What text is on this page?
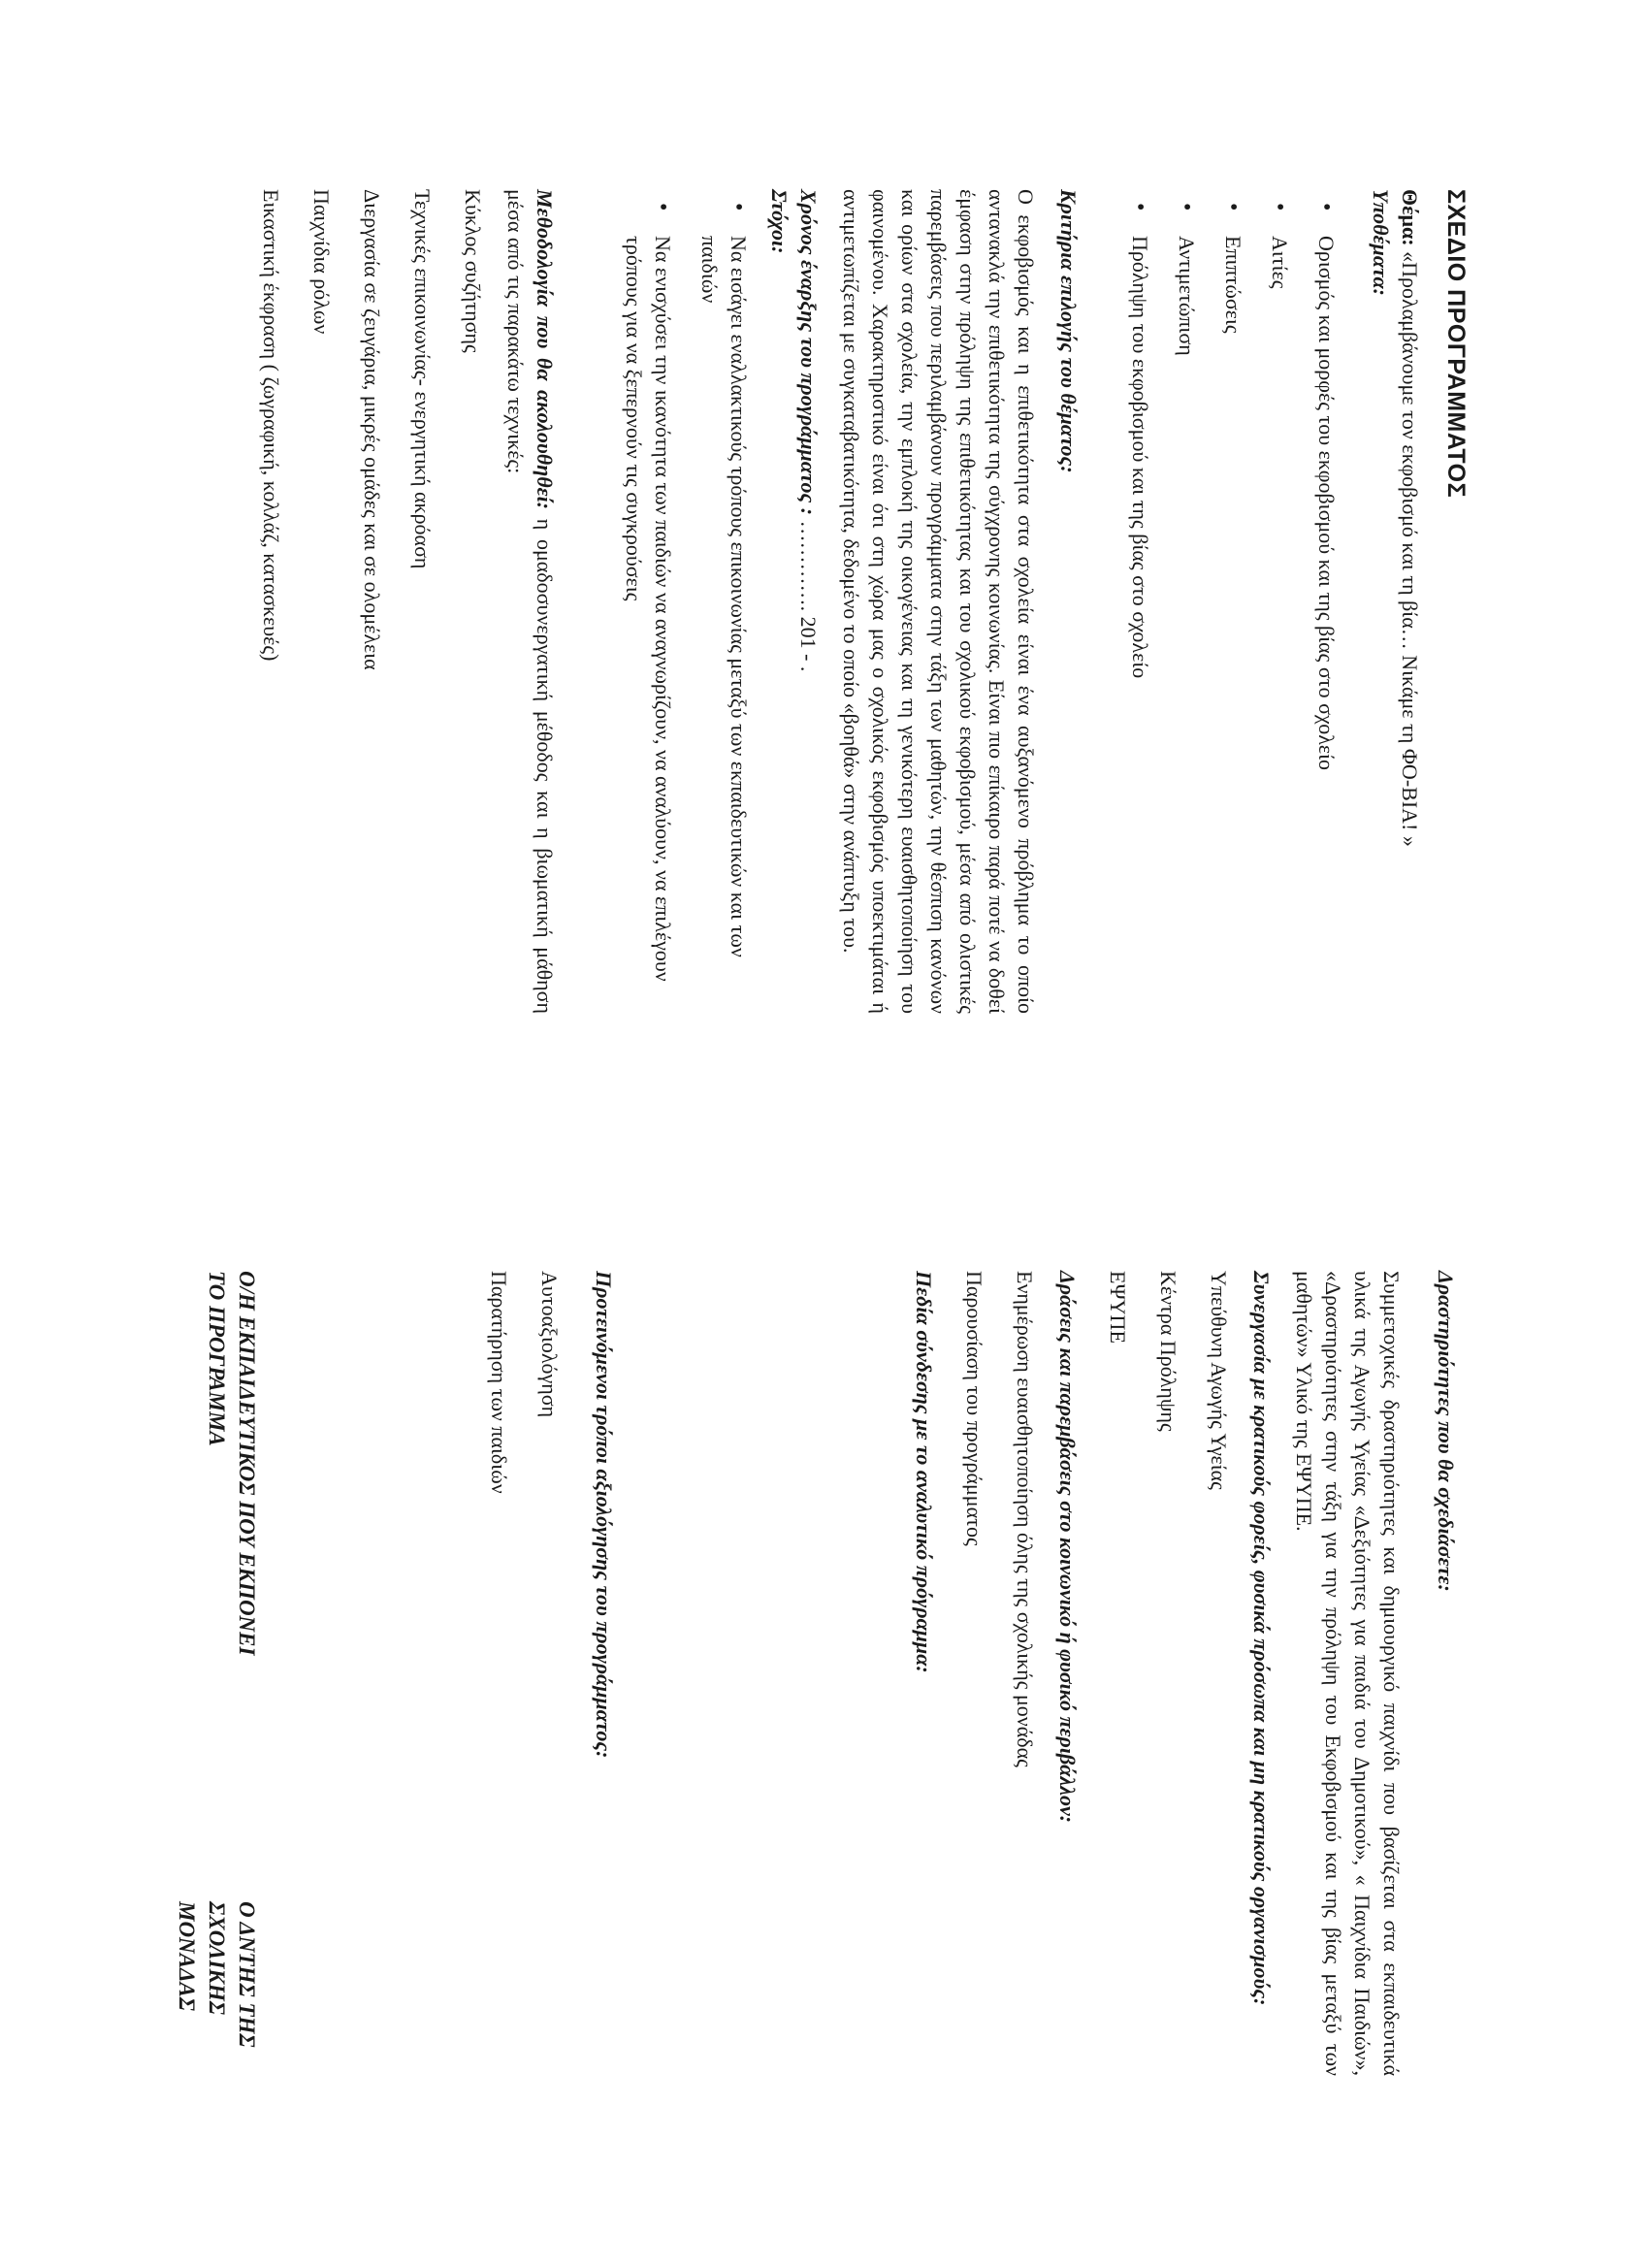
ΣΧΕΔΙΟ ΠΡΟΓΡΑΜΜΑΤΟΣ

Θέμα: «Προλαμβάνουμε τον εκφοβισμό και τη βία… Νικάμε τη ΦΟ-ΒΙΑ! »

Υποθέματα:

• Ορισμός και μορφές του εκφοβισμού και της βίας στο σχολείο
• Αιτίες
• Επιπτώσεις
• Αντιμετώπιση
• Πρόληψη του εκφοβισμού και της βίας στο σχολείο

Κριτήρια επιλογής του θέματος:

Ο εκφοβισμός και η επιθετικότητα στα σχολεία είναι ένα αυξανόμενο πρόβλημα το οποίο αντανακλά την επιθετικότητα της σύγχρονης κοινωνίας. Είναι πιο επίκαιρο παρά ποτέ να δοθεί έμφαση στην πρόληψη της επιθετικότητας και του σχολικού εκφοβισμού, μέσα από ολιστικές παρεμβάσεις που περιλαμβάνουν προγράμματα στην τάξη των μαθητών, την θέσπιση κανόνων και ορίων στα σχολεία, την εμπλοκή της οικογένειας και τη γενικότερη ευαισθητοποίηση του φαινομένου. Χαρακτηριστικό είναι ότι στη χώρα μας ο σχολικός εκφοβισμός υποεκτιμάται ή αντιμετωπίζεται με συγκαταβατικότητα, δεδομένο το οποίο «βοηθά» στην ανάπτυξη του.

Χρόνος έναρξης του προγράμματος : …………. 201 - .

Στόχοι:

• Να εισάγει εναλλακτικούς τρόπους επικοινωνίας μεταξύ των εκπαιδευτικών και των παιδιών
• Να ενισχύσει την ικανότητα των παιδιών να αναγνωρίζουν, να αναλύουν, να επιλέγουν τρόπους για να ξεπερνούν τις συγκρούσεις

Μεθοδολογία που θα ακολουθηθεί: η ομαδοσυνεργατική μέθοδος και η βιωματική μάθηση μέσα από τις παρακάτω τεχνικές:

Κύκλος συζήτησης

Τεχνικές επικοινωνίας- ενεργητική ακρόαση

Διεργασία σε ζευγάρια, μικρές ομάδες και σε ολομέλεια

Παιχνίδια ρόλων

Εικαστική έκφραση ( ζωγραφική, κολλάζ, κατασκευές)

Δραστηριότητες που θα σχεδιάσετε:

Συμμετοχικές δραστηριότητες και δημιουργικό παιχνίδι που βασίζεται στα εκπαιδευτικά υλικά της Αγωγής Υγείας «Δεξιότητες για παιδιά του Δημοτικού», « Παιχνίδια Παιδιών», «Δραστηριότητες στην τάξη για την πρόληψη του Εκφοβισμού και της βίας μεταξύ των μαθητών» Υλικό της ΕΨΥΠΕ.

Συνεργασία με κρατικούς φορείς, φυσικά πρόσωπα και μη κρατικούς οργανισμούς:

Υπεύθυνη Αγωγής Υγείας

Κέντρα Πρόληψης

ΕΨΥΠΕ

Δράσεις και παρεμβάσεις στο κοινωνικό ή φυσικό περιβάλλον:

Ενημέρωση ευαισθητοποίηση όλης της σχολικής μονάδας

Παρουσίαση του προγράμματος

Πεδία σύνδεσης με το αναλυτικό πρόγραμμα:

Προτεινόμενοι τρόποι αξιολόγησης του προγράμματος:

Αυτοαξιολόγηση

Παρατήρηση των παιδιών

Ο/Η ΕΚΠΑΙΔΕΥΤΙΚΟΣ ΠΟΥ ΕΚΠΟΝΕΙ ΤΟ ΠΡΟΓΡΑΜΜΑ
Ο ΔΝΤΗΣ ΤΗΣ ΣΧΟΛΙΚΗΣ ΜΟΝΑΔΑΣ
